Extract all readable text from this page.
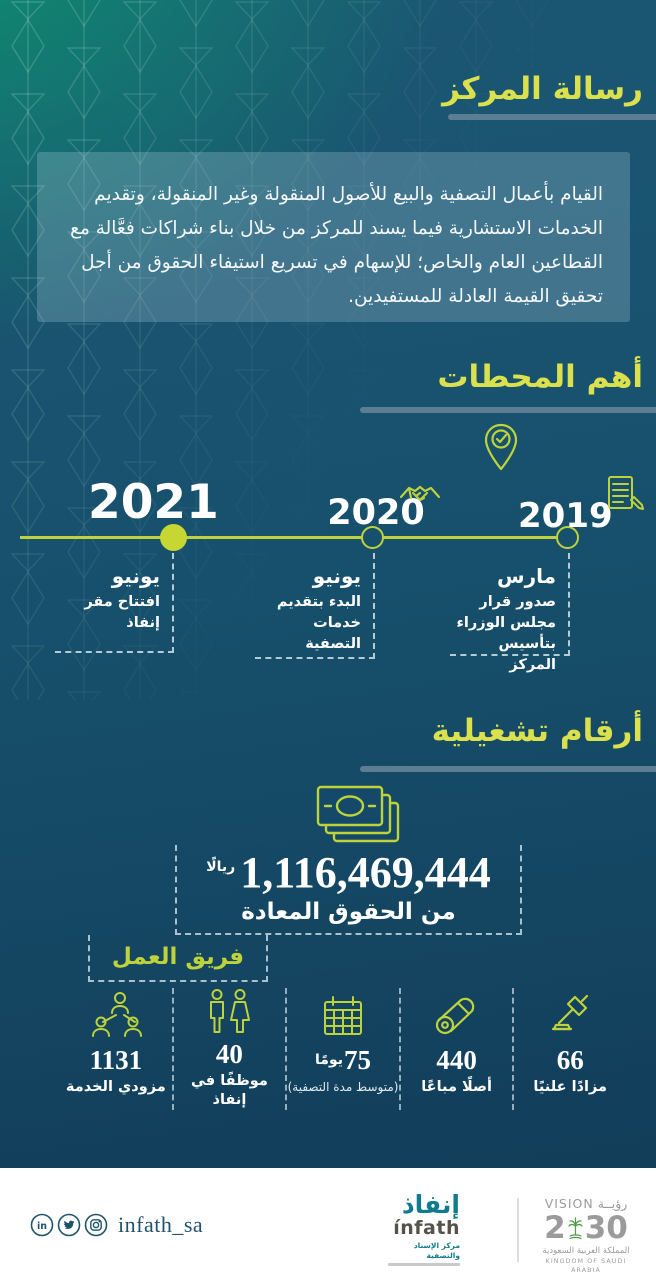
رسالة المركز
القيام بأعمال التصفية والبيع للأصول المنقولة وغير المنقولة، وتقديم الخدمات الاستشارية فيما يسند للمركز من خلال بناء شراكات فعَّالة مع القطاعين العام والخاص؛ للإسهام في تسريع استيفاء الحقوق من أجل تحقيق القيمة العادلة للمستفيدين.
أهم المحطات
2021	2020	2019
يونيو
افتتاح مقر إنفاذ
يونيو
البدء بتقديم خدمات التصفية
مارس
صدور قرار مجلس الوزراء بتأسيس المركز
أرقام تشغيلية
1,116,469,444
ريالًا
من الحقوق المعادة
فريق العمل
66
مزادًا علنيًا
440
أصلًا مباعًا
75
يومًا
(متوسط مدة التصفية)
40
موظفًا في إنفاذ
1131
مزودي الخدمة
in	infath_sa
إنفاذ
ínfath
مركز الإسناد والتصفية
رؤيــة VISION
2 30
المملكة العربية السعودية
KINGDOM OF SAUDI ARABIA
